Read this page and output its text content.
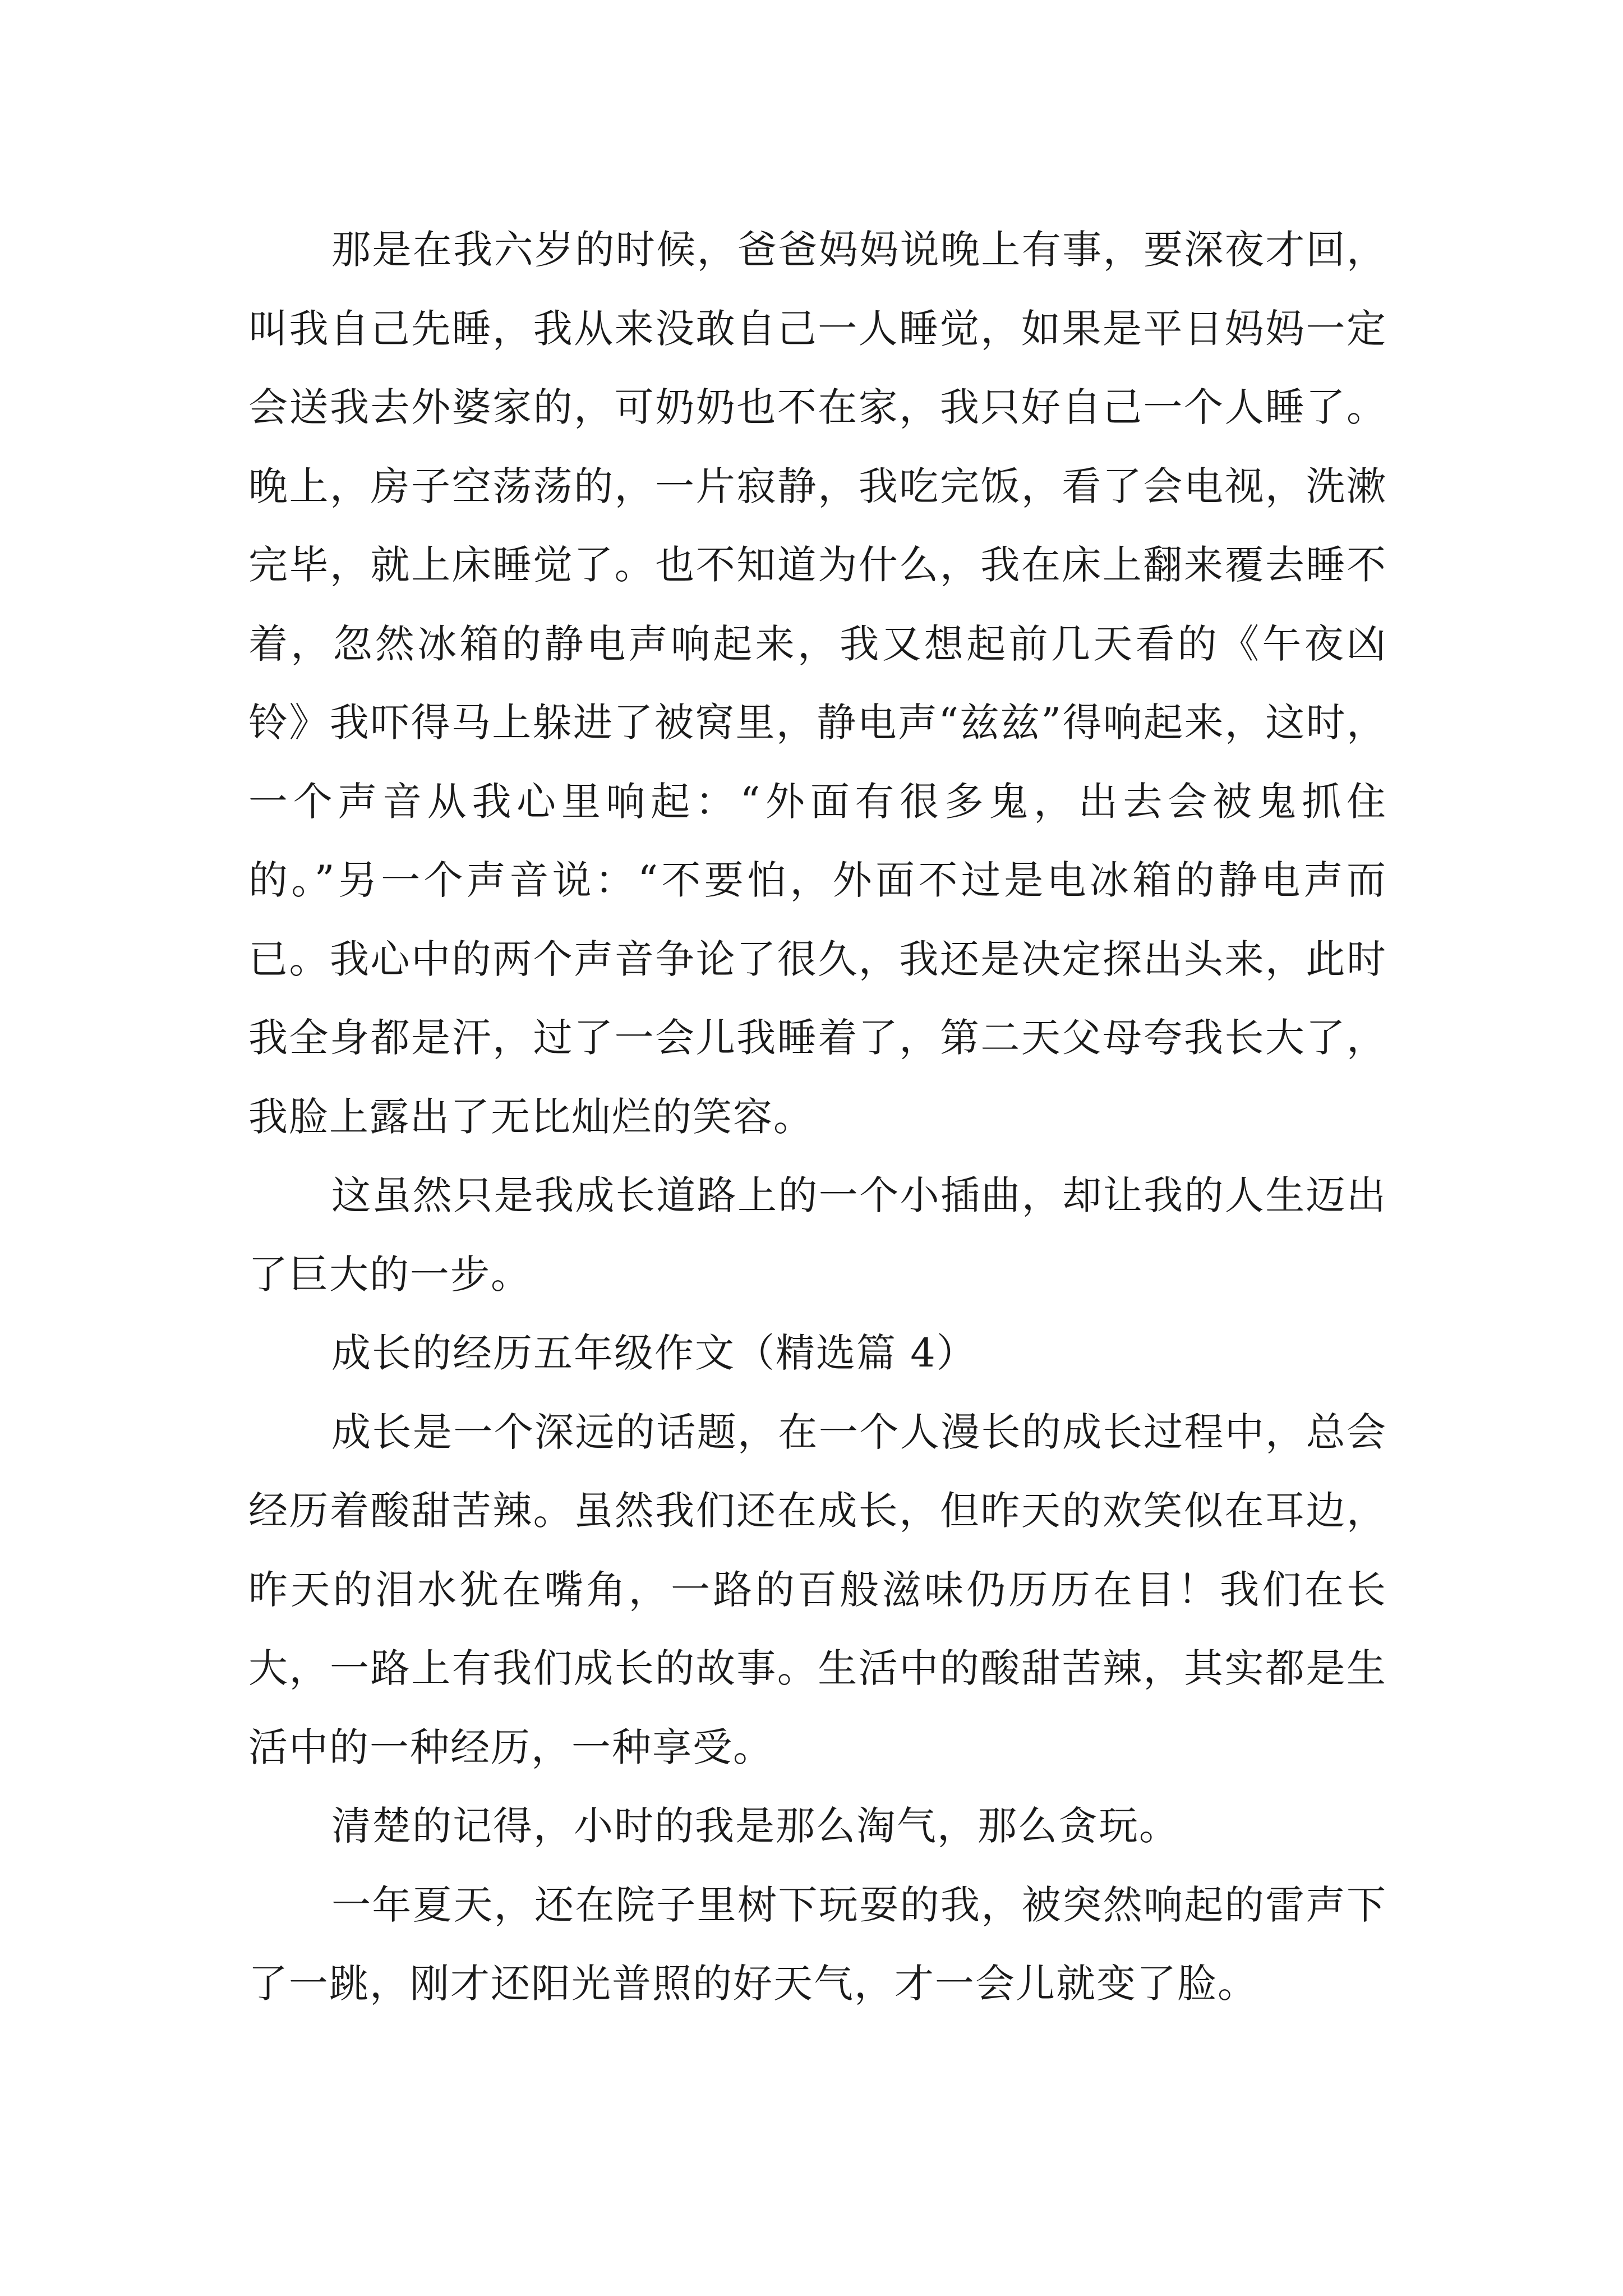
那是在我六岁的时候，爸爸妈妈说晚上有事，要深夜才回，叫我自己先睡，我从来没敢自己一人睡觉，如果是平日妈妈一定会送我去外婆家的，可奶奶也不在家，我只好自己一个人睡了。晚上，房子空荡荡的，一片寂静，我吃完饭，看了会电视，洗漱完毕，就上床睡觉了。也不知道为什么，我在床上翻来覆去睡不着，忽然冰箱的静电声响起来，我又想起前几天看的《午夜凶铃》我吓得马上躲进了被窝里，静电声“兹兹”得响起来，这时，一个声音从我心里响起：“外面有很多鬼，出去会被鬼抓住的。”另一个声音说：“不要怕，外面不过是电冰箱的静电声而已。我心中的两个声音争论了很久，我还是决定探出头来，此时我全身都是汗，过了一会儿我睡着了，第二天父母夸我长大了，我脸上露出了无比灿烂的笑容。

这虽然只是我成长道路上的一个小插曲，却让我的人生迈出了巨大的一步。

成长的经历五年级作文（精选篇 4）

成长是一个深远的话题，在一个人漫长的成长过程中，总会经历着酸甜苦辣。虽然我们还在成长，但昨天的欢笑似在耳边，昨天的泪水犹在嘴角，一路的百般滋味仍历历在目！我们在长大，一路上有我们成长的故事。生活中的酸甜苦辣，其实都是生活中的一种经历，一种享受。

清楚的记得，小时的我是那么淘气，那么贪玩。

一年夏天，还在院子里树下玩耍的我，被突然响起的雷声下了一跳，刚才还阳光普照的好天气，才一会儿就变了脸。
